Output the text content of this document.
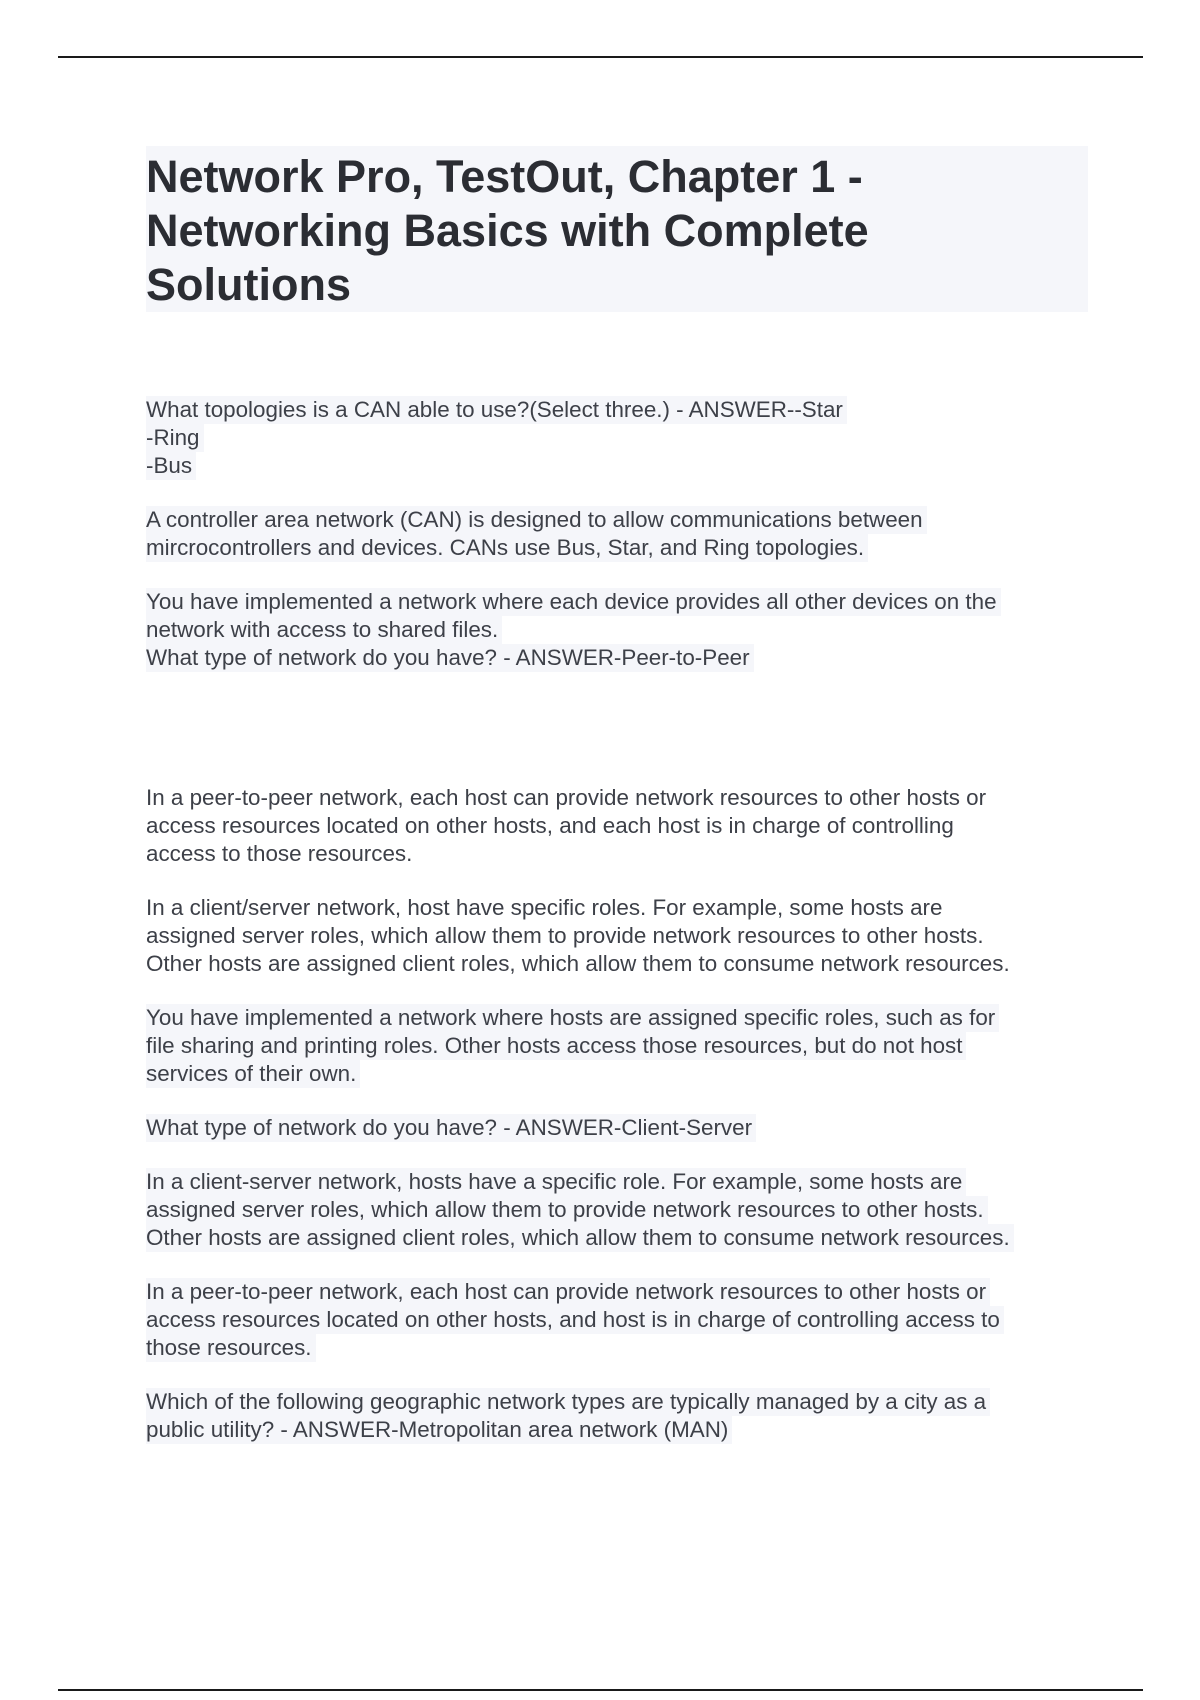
Network Pro, TestOut, Chapter 1 -
Networking Basics with Complete
Solutions
What topologies is a CAN able to use?(Select three.) - ANSWER--Star
-Ring
-Bus
A controller area network (CAN) is designed to allow communications between
mircrocontrollers and devices. CANs use Bus, Star, and Ring topologies.
You have implemented a network where each device provides all other devices on the
network with access to shared files.
What type of network do you have? - ANSWER-Peer-to-Peer
In a peer-to-peer network, each host can provide network resources to other hosts or
access resources located on other hosts, and each host is in charge of controlling
access to those resources.
In a client/server network, host have specific roles. For example, some hosts are
assigned server roles, which allow them to provide network resources to other hosts.
Other hosts are assigned client roles, which allow them to consume network resources.
You have implemented a network where hosts are assigned specific roles, such as for
file sharing and printing roles. Other hosts access those resources, but do not host
services of their own.
What type of network do you have? - ANSWER-Client-Server
In a client-server network, hosts have a specific role. For example, some hosts are
assigned server roles, which allow them to provide network resources to other hosts.
Other hosts are assigned client roles, which allow them to consume network resources.
In a peer-to-peer network, each host can provide network resources to other hosts or
access resources located on other hosts, and host is in charge of controlling access to
those resources.
Which of the following geographic network types are typically managed by a city as a
public utility? - ANSWER-Metropolitan area network (MAN)
